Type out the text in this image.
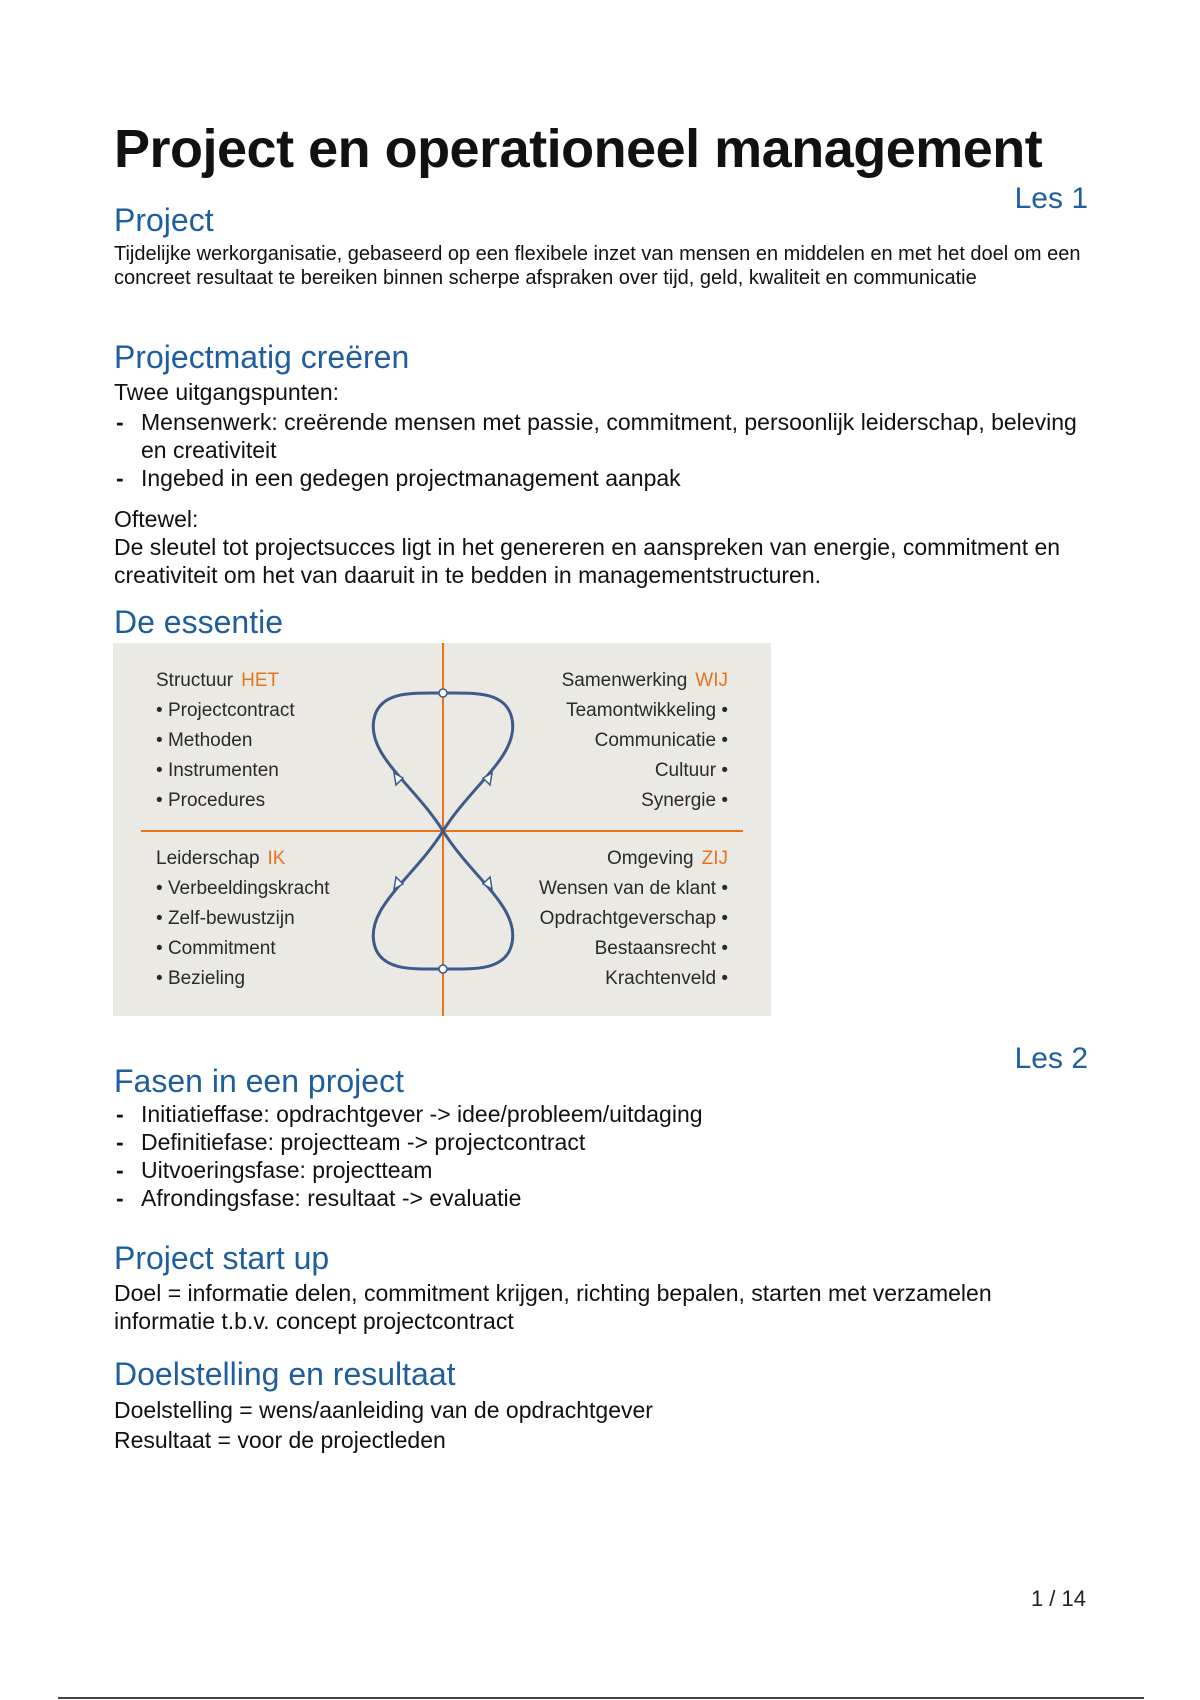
Project en operationeel management

Les 1

Project

Tijdelijke werkorganisatie, gebaseerd op een flexibele inzet van mensen en middelen en met het doel om een concreet resultaat te bereiken binnen scherpe afspraken over tijd, geld, kwaliteit en communicatie

Projectmatig creëren

Twee uitgangspunten:

- Mensenwerk: creërende mensen met passie, commitment, persoonlijk leiderschap, beleving en creativiteit
- Ingebed in een gedegen projectmanagement aanpak

Oftewel:

De sleutel tot projectsucces ligt in het genereren en aanspreken van energie, commitment en creativiteit om het van daaruit in te bedden in managementstructuren.

De essentie
Structuur HET
• Projectcontract
• Methoden
• Instrumenten
• Procedures
Samenwerking WIJ
Teamontwikkeling •
Communicatie •
Cultuur •
Synergie •
Leiderschap IK
• Verbeeldingskracht
• Zelf-bewustzijn
• Commitment
• Bezieling
Omgeving ZIJ
Wensen van de klant •
Opdrachtgeverschap •
Bestaansrecht •
Krachtenveld •

Les 2

Fasen in een project
- Initiatieffase: opdrachtgever -> idee/probleem/uitdaging
- Definitiefase: projectteam -> projectcontract
- Uitvoeringsfase: projectteam
- Afrondingsfase: resultaat -> evaluatie
Project start up

Doel = informatie delen, commitment krijgen, richting bepalen, starten met verzamelen informatie t.b.v. concept projectcontract

Doelstelling en resultaat

Doelstelling = wens/aanleiding van de opdrachtgever

Resultaat = voor de projectleden

1 / 14
